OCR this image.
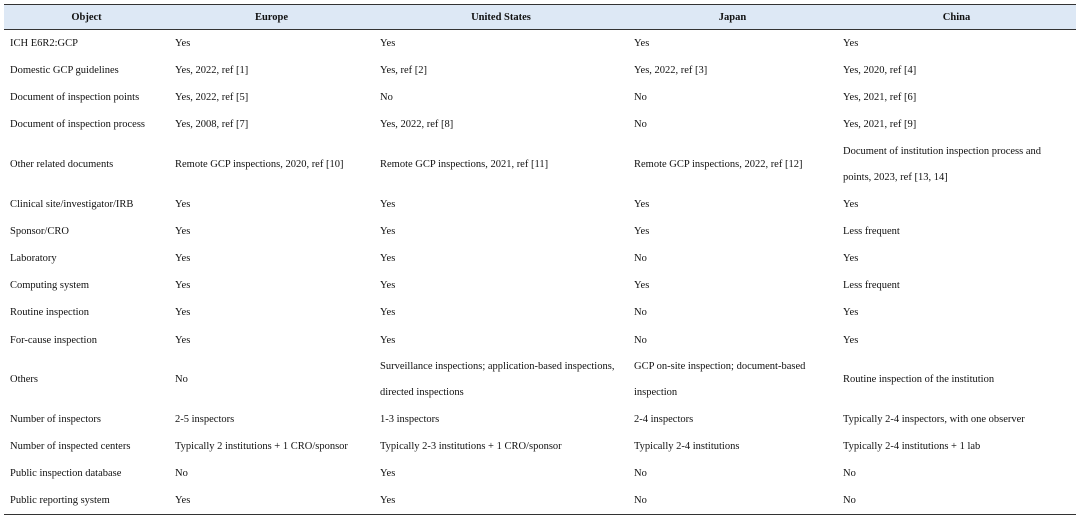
Object	Europe	United States	Japan	China
ICH E6R2:GCP	Yes	Yes	Yes	Yes
Domestic GCP guidelines	Yes, 2022, ref [1]	Yes, ref [2]	Yes, 2022, ref [3]	Yes, 2020, ref [4]
Document of inspection points	Yes, 2022, ref [5]	No	No	Yes, 2021, ref [6]
Document of inspection process	Yes, 2008, ref [7]	Yes, 2022, ref [8]	No	Yes, 2021, ref [9]

Other related documents	Remote GCP inspections, 2020, ref [10]	Remote GCP inspections, 2021, ref [11]	Remote GCP inspections, 2022, ref [12]	Document of institution inspection process and points, 2023, ref [13, 14]

Clinical site/investigator/IRB	Yes	Yes	Yes	Yes
Sponsor/CRO	Yes	Yes	Yes	Less frequent
Laboratory	Yes	Yes	No	Yes
Computing system	Yes	Yes	Yes	Less frequent
Routine inspection	Yes	Yes	No	Yes
For-cause inspection	Yes	Yes	No	Yes

Others	No	Surveillance inspections; application-based inspections, directed inspections	GCP on-site inspection; document-based inspection	Routine inspection of the institution

Number of inspectors	2-5 inspectors	1-3 inspectors	2-4 inspectors	Typically 2-4 inspectors, with one observer
Number of inspected centers	Typically 2 institutions + 1 CRO/sponsor	Typically 2-3 institutions + 1 CRO/sponsor	Typically 2-4 institutions	Typically 2-4 institutions + 1 lab
Public inspection database	No	Yes	No	No
Public reporting system	Yes	Yes	No	No
